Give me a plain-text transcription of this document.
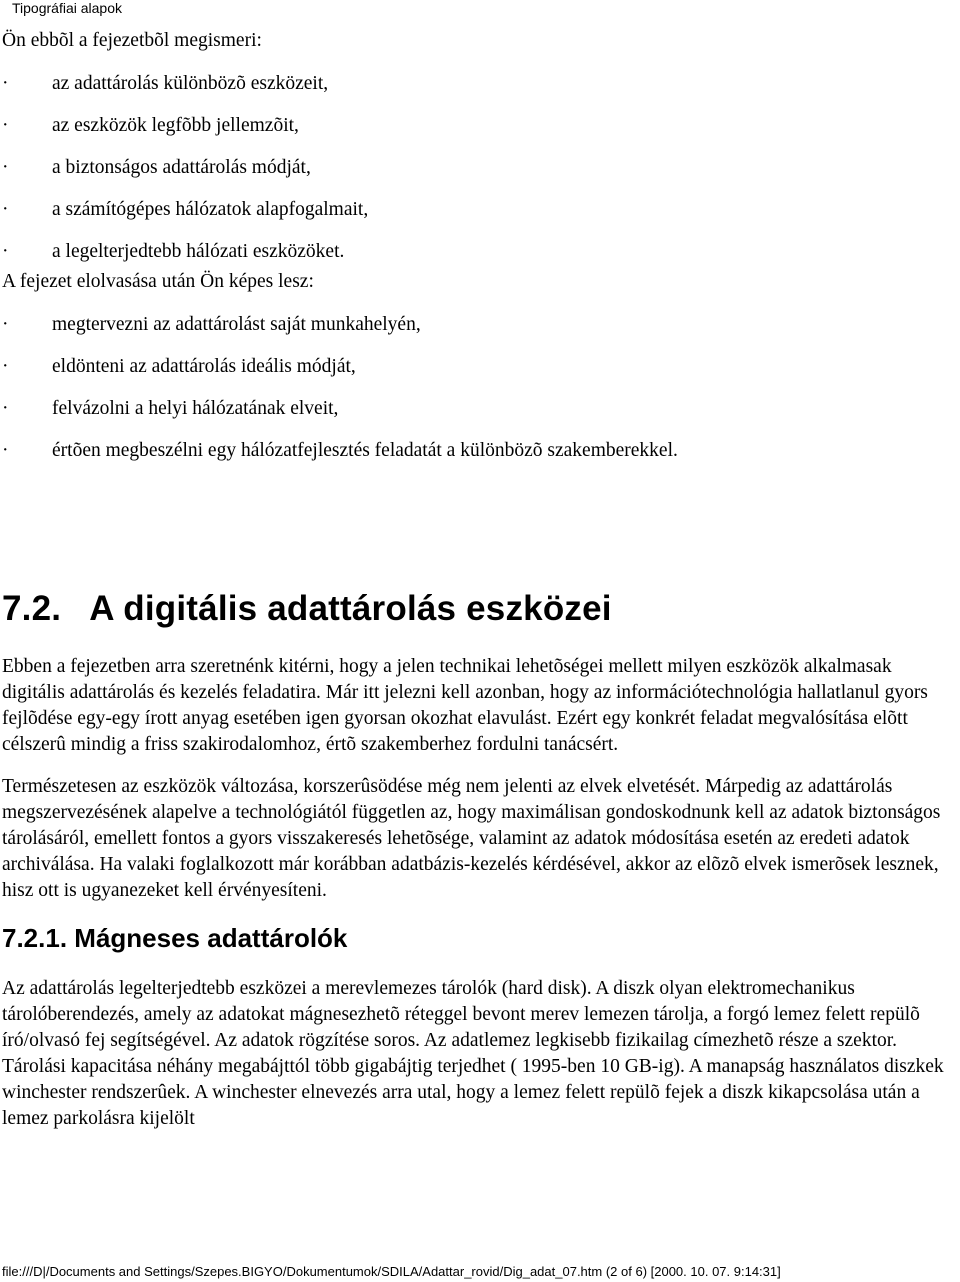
Tipográfiai alapok

Ön ebbõl a fejezetbõl megismeri:

· az adattárolás különbözõ eszközeit,
· az eszközök legfõbb jellemzõit,
· a biztonságos adattárolás módját,
· a számítógépes hálózatok alapfogalmait,
· a legelterjedtebb hálózati eszközöket.

A fejezet elolvasása után Ön képes lesz:

· megtervezni az adattárolást saját munkahelyén,
· eldönteni az adattárolás ideális módját,
· felvázolni a helyi hálózatának elveit,
· értõen megbeszélni egy hálózatfejlesztés feladatát a különbözõ szakemberekkel.
7.2. A digitális adattárolás eszközei

Ebben a fejezetben arra szeretnénk kitérni, hogy a jelen technikai lehetõségei mellett milyen eszközök alkalmasak digitális adattárolás és kezelés feladatira. Már itt jelezni kell azonban, hogy az információtechnológia hallatlanul gyors fejlõdése egy-egy írott anyag esetében igen gyorsan okozhat elavulást. Ezért egy konkrét feladat megvalósítása elõtt célszerû mindig a friss szakirodalomhoz, értõ szakemberhez fordulni tanácsért.

Természetesen az eszközök változása, korszerûsödése még nem jelenti az elvek elvetését. Márpedig az adattárolás megszervezésének alapelve a technológiától független az, hogy maximálisan gondoskodnunk kell az adatok biztonságos tárolásáról, emellett fontos a gyors visszakeresés lehetõsége, valamint az adatok módosítása esetén az eredeti adatok archiválása. Ha valaki foglalkozott már korábban adatbázis-kezelés kérdésével, akkor az elõzõ elvek ismerõsek lesznek, hisz ott is ugyanezeket kell érvényesíteni.

7.2.1. Mágneses adattárolók

Az adattárolás legelterjedtebb eszközei a merevlemezes tárolók (hard disk). A diszk olyan elektromechanikus tárolóberendezés, amely az adatokat mágnesezhetõ réteggel bevont merev lemezen tárolja, a forgó lemez felett repülõ író/olvasó fej segítségével. Az adatok rögzítése soros. Az adatlemez legkisebb fizikailag címezhetõ része a szektor. Tárolási kapacitása néhány megabájttól több gigabájtig terjedhet ( 1995-ben 10 GB-ig). A manapság használatos diszkek winchester rendszerûek. A winchester elnevezés arra utal, hogy a lemez felett repülõ fejek a diszk kikapcsolása után a lemez parkolásra kijelölt

file:///D|/Documents and Settings/Szepes.BIGYO/Dokumentumok/SDILA/Adattar_rovid/Dig_adat_07.htm (2 of 6) [2000. 10. 07. 9:14:31]
